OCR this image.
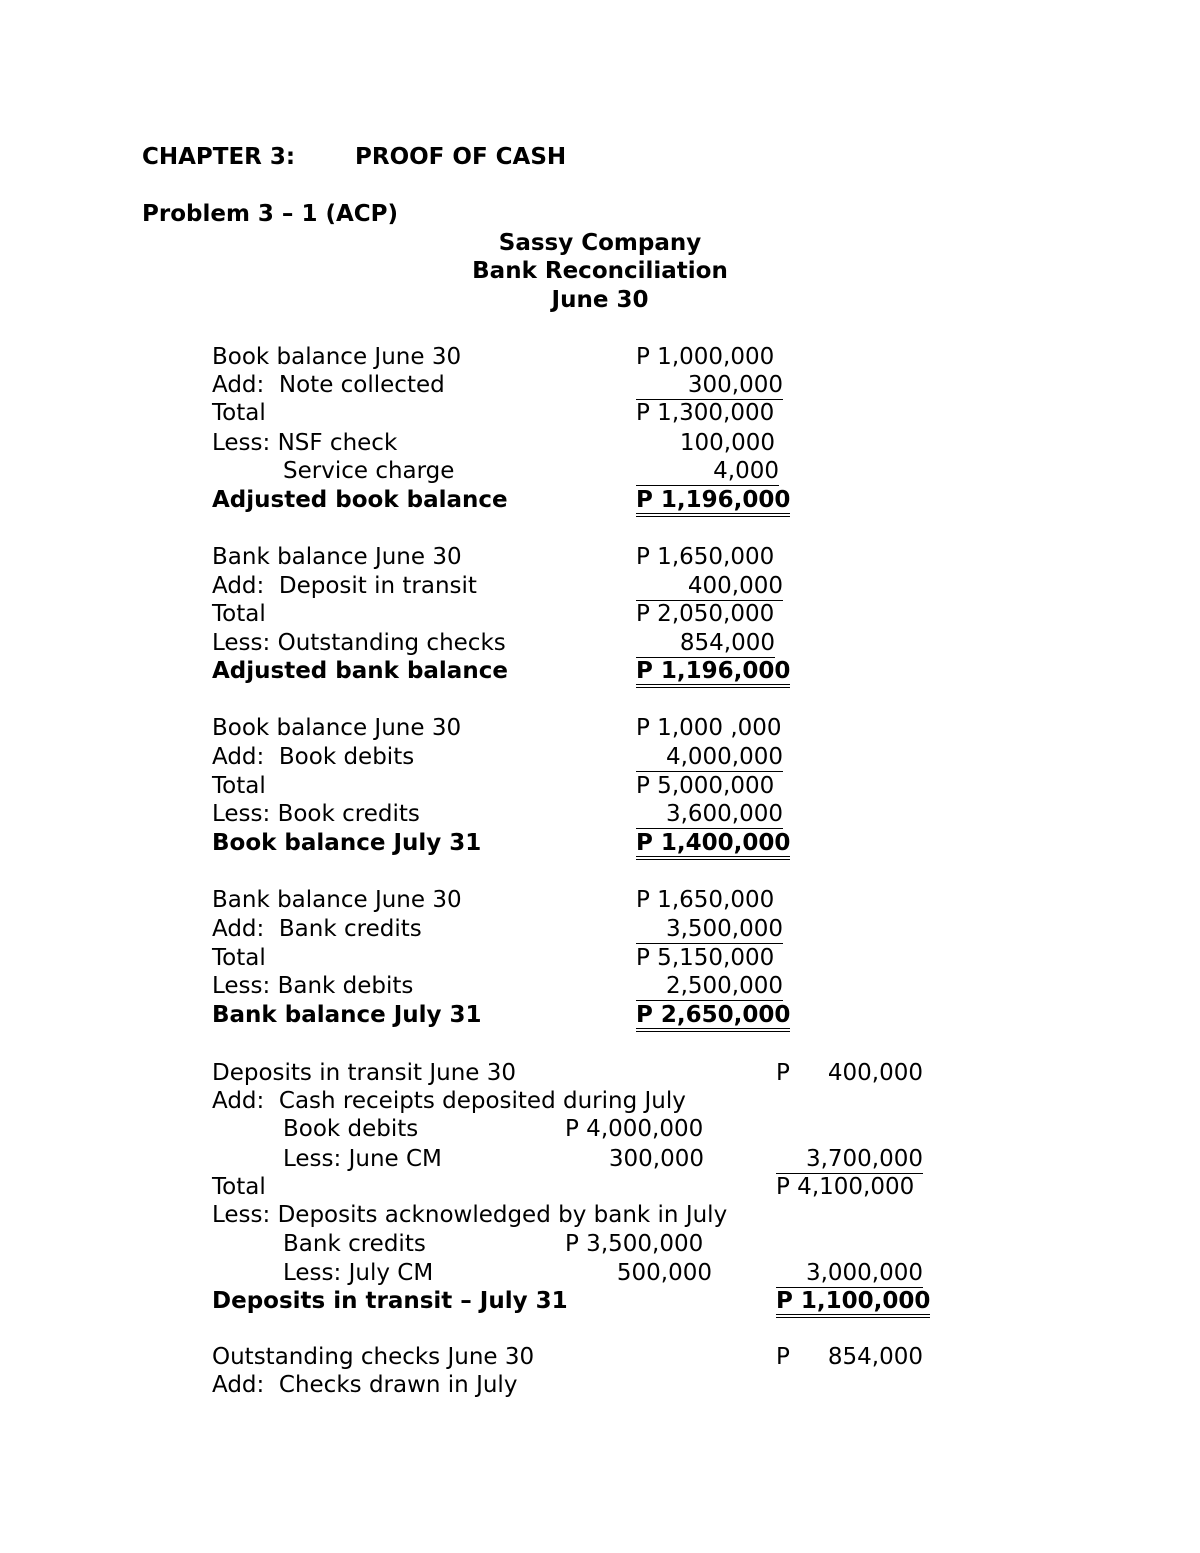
CHAPTER 3:	PROOF OF CASH
Problem 3 – 1 (ACP)
Sassy Company
Bank Reconciliation
June 30
Book balance June 30	P 1,000,000
Add:  Note collected	300,000
Total	P 1,300,000
Less: NSF check	100,000
Service charge	4,000
Adjusted book balance	P 1,196,000
Bank balance June 30	P 1,650,000
Add:  Deposit in transit	400,000
Total	P 2,050,000
Less: Outstanding checks	854,000
Adjusted bank balance	P 1,196,000
Book balance June 30	P 1,000 ,000
Add:  Book debits	4,000,000
Total	P 5,000,000
Less: Book credits	3,600,000
Book balance July 31	P 1,400,000
Bank balance June 30	P 1,650,000
Add:  Bank credits	3,500,000
Total	P 5,150,000
Less: Bank debits	2,500,000
Bank balance July 31	P 2,650,000
Deposits in transit June 30	P	400,000
Add:  Cash receipts deposited during July
Book debits	P 4,000,000
Less: June CM	300,000	3,700,000
Total	P 4,100,000
Less: Deposits acknowledged by bank in July
Bank credits	P 3,500,000
Less: July CM	500,000	3,000,000
Deposits in transit – July 31	P 1,100,000
Outstanding checks June 30	P	854,000
Add:  Checks drawn in July
